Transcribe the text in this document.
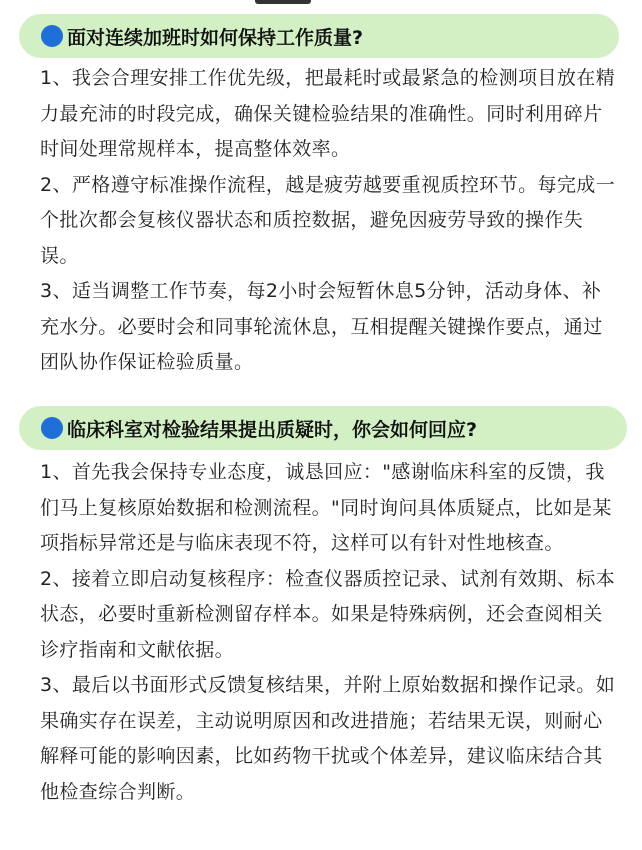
面对连续加班时如何保持工作质量?

1、我会合理安排工作优先级，把最耗时或最紧急的检测项目放在精力最充沛的时段完成，确保关键检验结果的准确性。同时利用碎片时间处理常规样本，提高整体效率。

2、严格遵守标准操作流程，越是疲劳越要重视质控环节。每完成一个批次都会复核仪器状态和质控数据，避免因疲劳导致的操作失误。

3、适当调整工作节奏，每2小时会短暂休息5分钟，活动身体、补充水分。必要时会和同事轮流休息，互相提醒关键操作要点，通过团队协作保证检验质量。

临床科室对检验结果提出质疑时，你会如何回应?

1、首先我会保持专业态度，诚恳回应："感谢临床科室的反馈，我们马上复核原始数据和检测流程。"同时询问具体质疑点，比如是某项指标异常还是与临床表现不符，这样可以有针对性地核查。

2、接着立即启动复核程序：检查仪器质控记录、试剂有效期、标本状态，必要时重新检测留存样本。如果是特殊病例，还会查阅相关诊疗指南和文献依据。

3、最后以书面形式反馈复核结果，并附上原始数据和操作记录。如果确实存在误差，主动说明原因和改进措施；若结果无误，则耐心解释可能的影响因素，比如药物干扰或个体差异，建议临床结合其他检查综合判断。
